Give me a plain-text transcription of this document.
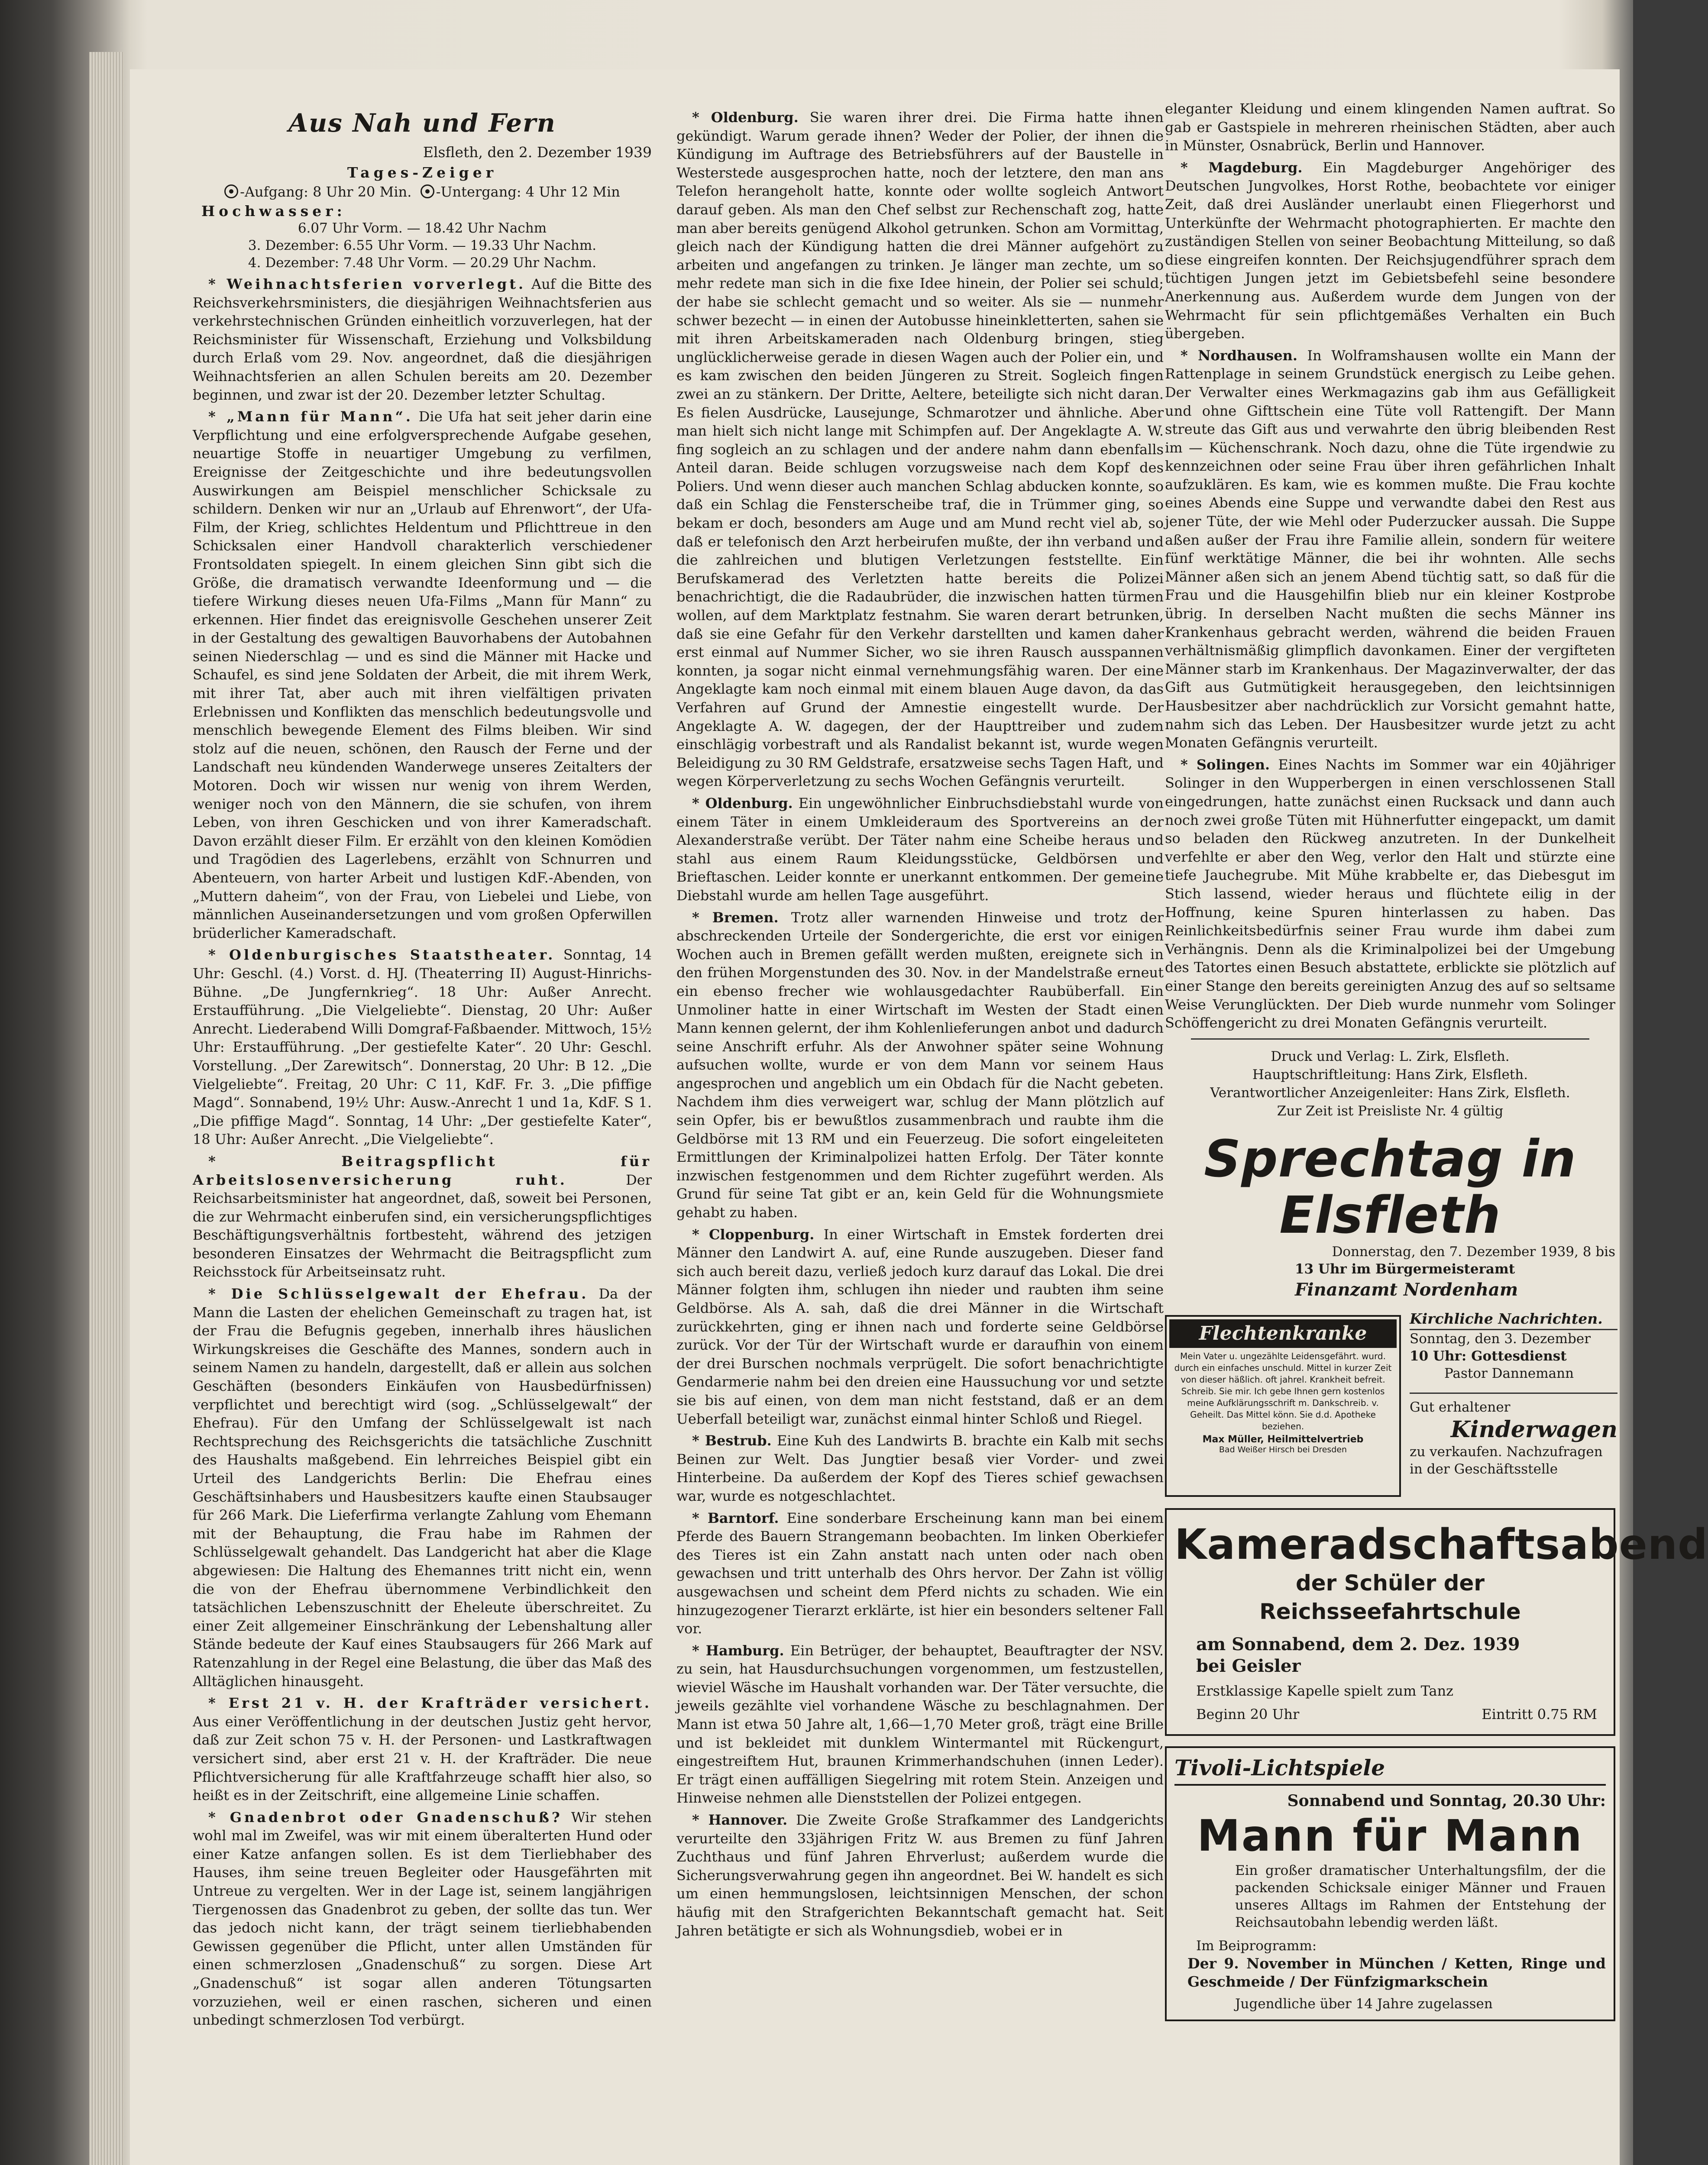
Aus Nah und Fern
Elsfleth, den 2. Dezember 1939
Tages-Zeiger
-Aufgang: 8 Uhr 20 Min. -Untergang: 4 Uhr 12 Min
Hochwasser:
6.07 Uhr Vorm. — 18.42 Uhr Nachm
3. Dezember: 6.55 Uhr Vorm. — 19.33 Uhr Nachm.
4. Dezember: 7.48 Uhr Vorm. — 20.29 Uhr Nachm.

* Weihnachtsferien vorverlegt. Auf die Bitte des Reichsverkehrsministers, die diesjährigen Weihnachtsferien aus verkehrstechnischen Gründen einheitlich vorzuverlegen, hat der Reichsminister für Wissenschaft, Erziehung und Volksbildung durch Erlaß vom 29. Nov. angeordnet, daß die diesjährigen Weihnachtsferien an allen Schulen bereits am 20. Dezember beginnen, und zwar ist der 20. Dezember letzter Schultag.

* „Mann für Mann“. Die Ufa hat seit jeher darin eine Verpflichtung und eine erfolgversprechende Aufgabe gesehen, neuartige Stoffe in neuartiger Umgebung zu verfilmen, Ereignisse der Zeitgeschichte und ihre bedeutungsvollen Auswirkungen am Beispiel menschlicher Schicksale zu schildern. Denken wir nur an „Urlaub auf Ehrenwort“, der Ufa-Film, der Krieg, schlichtes Heldentum und Pflichttreue in den Schicksalen einer Handvoll charakterlich verschiedener Frontsoldaten spiegelt. In einem gleichen Sinn gibt sich die Größe, die dramatisch verwandte Ideenformung und — die tiefere Wirkung dieses neuen Ufa-Films „Mann für Mann“ zu erkennen. Hier findet das ereignisvolle Geschehen unserer Zeit in der Gestaltung des gewaltigen Bauvorhabens der Autobahnen seinen Niederschlag — und es sind die Männer mit Hacke und Schaufel, es sind jene Soldaten der Arbeit, die mit ihrem Werk, mit ihrer Tat, aber auch mit ihren vielfältigen privaten Erlebnissen und Konflikten das menschlich bedeutungsvolle und menschlich bewegende Element des Films bleiben. Wir sind stolz auf die neuen, schönen, den Rausch der Ferne und der Landschaft neu kündenden Wanderwege unseres Zeitalters der Motoren. Doch wir wissen nur wenig von ihrem Werden, weniger noch von den Männern, die sie schufen, von ihrem Leben, von ihren Geschicken und von ihrer Kameradschaft. Davon erzählt dieser Film. Er erzählt von den kleinen Komödien und Tragödien des Lagerlebens, erzählt von Schnurren und Abenteuern, von harter Arbeit und lustigen KdF.-Abenden, von „Muttern daheim“, von der Frau, von Liebelei und Liebe, von männlichen Auseinandersetzungen und vom großen Opferwillen brüderlicher Kameradschaft.

* Oldenburgisches Staatstheater. Sonntag, 14 Uhr: Geschl. (4.) Vorst. d. HJ. (Theaterring II) August-Hinrichs-Bühne. „De Jungfernkrieg“. 18 Uhr: Außer Anrecht. Erstaufführung. „Die Vielgeliebte“. Dienstag, 20 Uhr: Außer Anrecht. Liederabend Willi Domgraf-Faßbaender. Mittwoch, 15½ Uhr: Erstaufführung. „Der gestiefelte Kater“. 20 Uhr: Geschl. Vorstellung. „Der Zarewitsch“. Donnerstag, 20 Uhr: B 12. „Die Vielgeliebte“. Freitag, 20 Uhr: C 11, KdF. Fr. 3. „Die pfiffige Magd“. Sonnabend, 19½ Uhr: Ausw.-Anrecht 1 und 1a, KdF. S 1. „Die pfiffige Magd“. Sonntag, 14 Uhr: „Der gestiefelte Kater“, 18 Uhr: Außer Anrecht. „Die Vielgeliebte“.

* Beitragspflicht für Arbeitslosenversicherung ruht.	Der Reichsarbeitsminister hat angeordnet, daß, soweit bei Personen, die zur Wehrmacht einberufen sind, ein versicherungspflichtiges Beschäftigungsverhältnis fortbesteht, während des jetzigen besonderen Einsatzes der Wehrmacht die Beitragspflicht zum Reichsstock für Arbeitseinsatz ruht.

* Die Schlüsselgewalt der Ehefrau. Da der Mann die Lasten der ehelichen Gemeinschaft zu tragen hat, ist der Frau die Befugnis gegeben, innerhalb ihres häuslichen Wirkungskreises die Geschäfte des Mannes, sondern auch in seinem Namen zu handeln, dargestellt, daß er allein aus solchen Geschäften (besonders Einkäufen von Hausbedürfnissen) verpflichtet und berechtigt wird (sog. „Schlüsselgewalt“ der Ehefrau). Für den Umfang der Schlüsselgewalt ist nach Rechtsprechung des Reichsgerichts die tatsächliche Zuschnitt des Haushalts maßgebend. Ein lehrreiches Beispiel gibt ein Urteil des Landgerichts Berlin: Die Ehefrau eines Geschäftsinhabers und Hausbesitzers kaufte einen Staubsauger für 266 Mark. Die Lieferfirma verlangte Zahlung vom Ehemann mit der Behauptung, die Frau habe im Rahmen der Schlüsselgewalt gehandelt. Das Landgericht hat aber die Klage abgewiesen: Die Haltung des Ehemannes tritt nicht ein, wenn die von der Ehefrau übernommene Verbindlichkeit den tatsächlichen Lebenszuschnitt der Eheleute überschreitet. Zu einer Zeit allgemeiner Einschränkung der Lebenshaltung aller Stände bedeute der Kauf eines Staubsaugers für 266 Mark auf Ratenzahlung in der Regel eine Belastung, die über das Maß des Alltäglichen hinausgeht.

* Erst 21 v. H. der Krafträder versichert. Aus einer Veröffentlichung in der deutschen Justiz geht hervor, daß zur Zeit schon 75 v. H. der Personen- und Lastkraftwagen versichert sind, aber erst 21 v. H. der Krafträder. Die neue Pflichtversicherung für alle Kraftfahrzeuge schafft hier also, so heißt es in der Zeitschrift, eine allgemeine Linie schaffen.

* Gnadenbrot oder Gnadenschuß? Wir stehen wohl mal im Zweifel, was wir mit einem überalterten Hund oder einer Katze anfangen sollen. Es ist dem Tierliebhaber des Hauses, ihm seine treuen Begleiter oder Hausgefährten mit Untreue zu vergelten. Wer in der Lage ist, seinem langjährigen Tiergenossen das Gnadenbrot zu geben, der sollte das tun. Wer das jedoch nicht kann, der trägt seinem tierliebhabenden Gewissen gegenüber die Pflicht, unter allen Umständen für einen schmerzlosen „Gnadenschuß“ zu sorgen. Diese Art „Gnadenschuß“ ist sogar allen anderen Tötungsarten vorzuziehen, weil er einen raschen, sicheren und einen unbedingt schmerzlosen Tod verbürgt.

* Oldenburg. Sie waren ihrer drei. Die Firma hatte ihnen gekündigt. Warum gerade ihnen? Weder der Polier, der ihnen die Kündigung im Auftrage des Betriebsführers auf der Baustelle in Westerstede ausgesprochen hatte, noch der letztere, den man ans Telefon herangeholt hatte, konnte oder wollte sogleich Antwort darauf geben. Als man den Chef selbst zur Rechenschaft zog, hatte man aber bereits genügend Alkohol getrunken. Schon am Vormittag, gleich nach der Kündigung hatten die drei Männer aufgehört zu arbeiten und angefangen zu trinken. Je länger man zechte, um so mehr redete man sich in die fixe Idee hinein, der Polier sei schuld; der habe sie schlecht gemacht und so weiter. Als sie — nunmehr schwer bezecht — in einen der Autobusse hineinkletterten, sahen sie mit ihren Arbeitskameraden nach Oldenburg bringen, stieg unglücklicherweise gerade in diesen Wagen auch der Polier ein, und es kam zwischen den beiden Jüngeren zu Streit. Sogleich fingen zwei an zu stänkern. Der Dritte, Aeltere, beteiligte sich nicht daran. Es fielen Ausdrücke, Lausejunge, Schmarotzer und ähnliche. Aber man hielt sich nicht lange mit Schimpfen auf. Der Angeklagte A. W. fing sogleich an zu schlagen und der andere nahm dann ebenfalls Anteil daran. Beide schlugen vorzugsweise nach dem Kopf des Poliers. Und wenn dieser auch manchen Schlag abducken konnte, so daß ein Schlag die Fensterscheibe traf, die in Trümmer ging, so bekam er doch, besonders am Auge und am Mund recht viel ab, so daß er telefonisch den Arzt herbeirufen mußte, der ihn verband und die zahlreichen und blutigen Verletzungen feststellte. Ein Berufskamerad des Verletzten hatte bereits die Polizei benachrichtigt, die die Radaubrüder, die inzwischen hatten türmen wollen, auf dem Marktplatz festnahm. Sie waren derart betrunken, daß sie eine Gefahr für den Verkehr darstellten und kamen daher erst einmal auf Nummer Sicher, wo sie ihren Rausch ausspannen konnten, ja sogar nicht einmal vernehmungsfähig waren. Der eine Angeklagte kam noch einmal mit einem blauen Auge davon, da das Verfahren auf Grund der Amnestie eingestellt wurde. Der Angeklagte A. W. dagegen, der der Haupttreiber und zudem einschlägig vorbestraft und als Randalist bekannt ist, wurde wegen Beleidigung zu 30 RM Geldstrafe, ersatzweise sechs Tagen Haft, und wegen Körperverletzung zu sechs Wochen Gefängnis verurteilt.

* Oldenburg. Ein ungewöhnlicher Einbruchsdiebstahl wurde von einem Täter in einem Umkleideraum des Sportvereins an der Alexanderstraße verübt. Der Täter nahm eine Scheibe heraus und stahl aus einem Raum Kleidungsstücke, Geldbörsen und Brieftaschen. Leider konnte er unerkannt entkommen. Der gemeine Diebstahl wurde am hellen Tage ausgeführt.

* Bremen. Trotz aller warnenden Hinweise und trotz der abschreckenden Urteile der Sondergerichte, die erst vor einigen Wochen auch in Bremen gefällt werden mußten, ereignete sich in den frühen Morgenstunden des 30. Nov. in der Mandelstraße erneut ein ebenso frecher wie wohlausgedachter Raubüberfall. Ein Unmoliner hatte in einer Wirtschaft im Westen der Stadt einen Mann kennen gelernt, der ihm Kohlenlieferungen anbot und dadurch seine Anschrift erfuhr. Als der Anwohner später seine Wohnung aufsuchen wollte, wurde er von dem Mann vor seinem Haus angesprochen und angeblich um ein Obdach für die Nacht gebeten. Nachdem ihm dies verweigert war, schlug der Mann plötzlich auf sein Opfer, bis er bewußtlos zusammenbrach und raubte ihm die Geldbörse mit 13 RM und ein Feuerzeug. Die sofort eingeleiteten Ermittlungen der Kriminalpolizei hatten Erfolg. Der Täter konnte inzwischen festgenommen und dem Richter zugeführt werden. Als Grund für seine Tat gibt er an, kein Geld für die Wohnungsmiete gehabt zu haben.

* Cloppenburg. In einer Wirtschaft in Emstek forderten drei Männer den Landwirt A. auf, eine Runde auszugeben. Dieser fand sich auch bereit dazu, verließ jedoch kurz darauf das Lokal. Die drei Männer folgten ihm, schlugen ihn nieder und raubten ihm seine Geldbörse. Als A. sah, daß die drei Männer in die Wirtschaft zurückkehrten, ging er ihnen nach und forderte seine Geldbörse zurück. Vor der Tür der Wirtschaft wurde er daraufhin von einem der drei Burschen nochmals verprügelt. Die sofort benachrichtigte Gendarmerie nahm bei den dreien eine Haussuchung vor und setzte sie bis auf einen, von dem man nicht feststand, daß er an dem Ueberfall beteiligt war, zunächst einmal hinter Schloß und Riegel.

* Bestrub. Eine Kuh des Landwirts B. brachte ein Kalb mit sechs Beinen zur Welt. Das Jungtier besaß vier Vorder- und zwei Hinterbeine. Da außerdem der Kopf des Tieres schief gewachsen war, wurde es notgeschlachtet.

* Barntorf. Eine sonderbare Erscheinung kann man bei einem Pferde des Bauern Strangemann beobachten. Im linken Oberkiefer des Tieres ist ein Zahn anstatt nach unten oder nach oben gewachsen und tritt unterhalb des Ohrs hervor. Der Zahn ist völlig ausgewachsen und scheint dem Pferd nichts zu schaden. Wie ein hinzugezogener Tierarzt erklärte, ist hier ein besonders seltener Fall vor.

* Hamburg. Ein Betrüger, der behauptet, Beauftragter der NSV. zu sein, hat Hausdurchsuchungen vorgenommen, um festzustellen, wieviel Wäsche im Haushalt vorhanden war. Der Täter versuchte, die jeweils gezählte viel vorhandene Wäsche zu beschlagnahmen. Der Mann ist etwa 50 Jahre alt, 1,66—1,70 Meter groß, trägt eine Brille und ist bekleidet mit dunklem Wintermantel mit Rückengurt, eingestreiftem Hut, braunen Krimmerhandschuhen (innen Leder). Er trägt einen auffälligen Siegelring mit rotem Stein. Anzeigen und Hinweise nehmen alle Dienststellen der Polizei entgegen.

* Hannover. Die Zweite Große Strafkammer des Landgerichts verurteilte den 33jährigen Fritz W. aus Bremen zu fünf Jahren Zuchthaus und fünf Jahren Ehrverlust; außerdem wurde die Sicherungsverwahrung gegen ihn angeordnet. Bei W. handelt es sich um einen hemmungslosen, leichtsinnigen Menschen, der schon häufig mit den Strafgerichten Bekanntschaft gemacht hat. Seit Jahren betätigte er sich als Wohnungsdieb, wobei er in

eleganter Kleidung und einem klingenden Namen auftrat. So gab er Gastspiele in mehreren rheinischen Städten, aber auch in Münster, Osnabrück, Berlin und Hannover.

* Magdeburg. Ein Magdeburger Angehöriger des Deutschen Jungvolkes, Horst Rothe, beobachtete vor einiger Zeit, daß drei Ausländer unerlaubt einen Fliegerhorst und Unterkünfte der Wehrmacht photographierten. Er machte den zuständigen Stellen von seiner Beobachtung Mitteilung, so daß diese eingreifen konnten. Der Reichsjugendführer sprach dem tüchtigen Jungen jetzt im Gebietsbefehl seine besondere Anerkennung aus. Außerdem wurde dem Jungen von der Wehrmacht für sein pflichtgemäßes Verhalten ein Buch übergeben.

* Nordhausen. In Wolframshausen wollte ein Mann der Rattenplage in seinem Grundstück energisch zu Leibe gehen. Der Verwalter eines Werkmagazins gab ihm aus Gefälligkeit und ohne Gifttschein eine Tüte voll Rattengift. Der Mann streute das Gift aus und verwahrte den übrig bleibenden Rest im — Küchenschrank. Noch dazu, ohne die Tüte irgendwie zu kennzeichnen oder seine Frau über ihren gefährlichen Inhalt aufzuklären. Es kam, wie es kommen mußte. Die Frau kochte eines Abends eine Suppe und verwandte dabei den Rest aus jener Tüte, der wie Mehl oder Puderzucker aussah. Die Suppe aßen außer der Frau ihre Familie allein, sondern für weitere fünf werktätige Männer, die bei ihr wohnten. Alle sechs Männer aßen sich an jenem Abend tüchtig satt, so daß für die Frau und die Hausgehilfin blieb nur ein kleiner Kostprobe übrig. In derselben Nacht mußten die sechs Männer ins Krankenhaus gebracht werden, während die beiden Frauen verhältnismäßig glimpflich davonkamen. Einer der vergifteten Männer starb im Krankenhaus. Der Magazinverwalter, der das Gift aus Gutmütigkeit herausgegeben, den leichtsinnigen Hausbesitzer aber nachdrücklich zur Vorsicht gemahnt hatte, nahm sich das Leben. Der Hausbesitzer wurde jetzt zu acht Monaten Gefängnis verurteilt.

* Solingen. Eines Nachts im Sommer war ein 40jähriger Solinger in den Wupperbergen in einen verschlossenen Stall eingedrungen, hatte zunächst einen Rucksack und dann auch noch zwei große Tüten mit Hühnerfutter eingepackt, um damit so beladen den Rückweg anzutreten. In der Dunkelheit verfehlte er aber den Weg, verlor den Halt und stürzte eine tiefe Jauchegrube. Mit Mühe krabbelte er, das Diebesgut im Stich lassend, wieder heraus und flüchtete eilig in der Hoffnung, keine Spuren hinterlassen zu haben. Das Reinlichkeitsbedürfnis seiner Frau wurde ihm dabei zum Verhängnis. Denn als die Kriminalpolizei bei der Umgebung des Tatortes einen Besuch abstattete, erblickte sie plötzlich auf einer Stange den bereits gereinigten Anzug des auf so seltsame Weise Verunglückten. Der Dieb wurde nunmehr vom Solinger Schöffengericht zu drei Monaten Gefängnis verurteilt.

Druck und Verlag: L. Zirk, Elsfleth.
Hauptschriftleitung: Hans Zirk, Elsfleth.
Verantwortlicher Anzeigenleiter: Hans Zirk, Elsfleth.
Zur Zeit ist Preisliste Nr. 4 gültig
Sprechtag in Elsfleth
Donnerstag, den 7. Dezember 1939, 8 bis
13 Uhr im Bürgermeisteramt
Finanzamt Nordenham
Flechtenkranke
Mein Vater u. ungezählte Leidensgefährt. wurd. durch ein einfaches unschuld. Mittel in kurzer Zeit von dieser häßlich. oft jahrel. Krankheit befreit. Schreib. Sie mir. Ich gebe Ihnen gern kostenlos meine Aufklärungsschrift m. Dankschreib. v. Geheilt. Das Mittel könn. Sie d.d. Apotheke beziehen.
Max Müller, Heilmittelvertrieb
Bad Weißer Hirsch bei Dresden
Kirchliche Nachrichten.
Sonntag, den 3. Dezember
10 Uhr: Gottesdienst
Pastor Dannemann
Gut erhaltener
Kinderwagen
zu verkaufen. Nachzufragen
in der Geschäftsstelle
Kameradschaftsabend
der Schüler der Reichsseefahrtschule
am Sonnabend, dem 2. Dez. 1939
bei Geisler
Erstklassige Kapelle spielt zum Tanz
Beginn 20 Uhr	Eintritt 0.75 RM
Tivoli-Lichtspiele
Sonnabend und Sonntag, 20.30 Uhr:
Mann für Mann
Ein großer dramatischer Unterhaltungsfilm, der die packenden Schicksale einiger Männer und Frauen unseres Alltags im Rahmen der Entstehung der Reichsautobahn lebendig werden läßt.
Im Beiprogramm:
Der 9. November in München / Ketten, Ringe und Geschmeide / Der Fünfzigmarkschein
Jugendliche über 14 Jahre zugelassen
